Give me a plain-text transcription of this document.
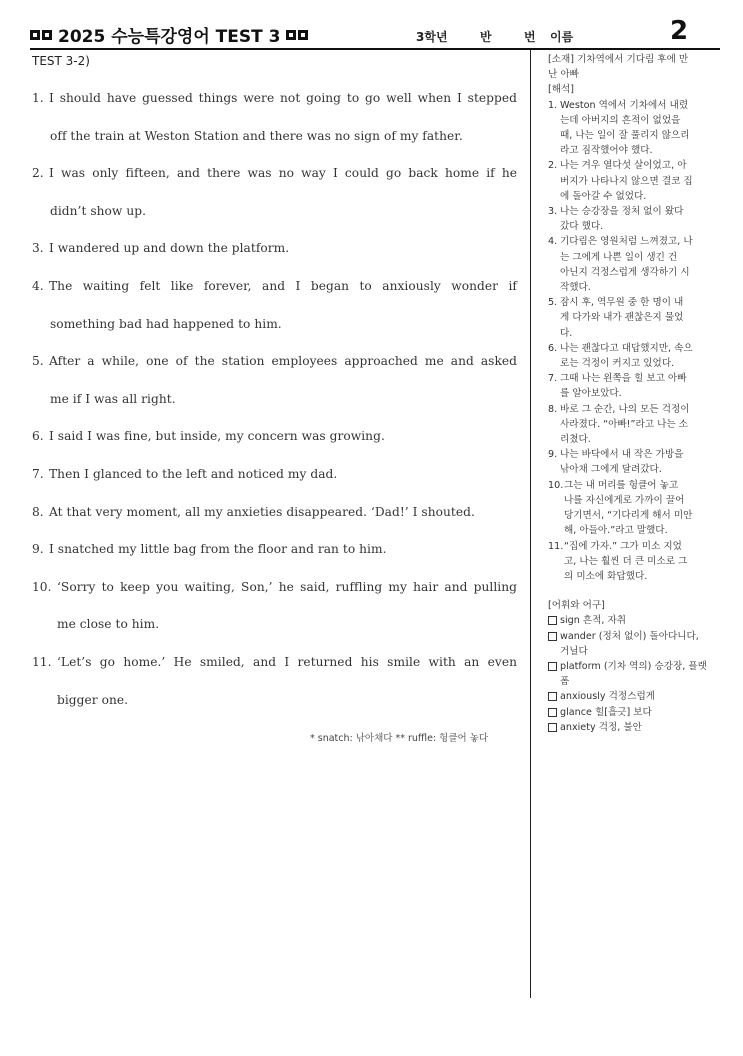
2025 수능특강영어 TEST 3	3학년	반	번 이름	2
TEST 3-2)
1. I should have guessed things were not going to go well when I stepped
off the train at Weston Station and there was no sign of my father.
2. I was only fifteen, and there was no way I could go back home if he
didn’t show up.
3. I wandered up and down the platform.
4. The waiting felt like forever, and I began to anxiously wonder if
something bad had happened to him.
5. After a while, one of the station employees approached me and asked
me if I was all right.
6. I said I was fine, but inside, my concern was growing.
7. Then I glanced to the left and noticed my dad.
8. At that very moment, all my anxieties disappeared. ‘Dad!’ I shouted.
9. I snatched my little bag from the floor and ran to him.
10. ‘Sorry to keep you waiting, Son,’ he said, ruffling my hair and pulling
me close to him.
11. ‘Let’s go home.’ He smiled, and I returned his smile with an even
bigger one.
* snatch: 낚아채다 ** ruffle: 헝클어 놓다
[소재] 기차역에서 기다림 후에 만
난 아빠
[해석]
1. Weston 역에서 기차에서 내렸
는데 아버지의 흔적이 없었을
때, 나는 일이 잘 풀리지 않으리
라고 짐작했어야 했다.
2. 나는 겨우 열다섯 살이었고, 아
버지가 나타나지 않으면 결코 집
에 돌아갈 수 없었다.
3. 나는 승강장을 정처 없이 왔다
갔다 했다.
4. 기다림은 영원처럼 느껴졌고, 나
는 그에게 나쁜 일이 생긴 건
아닌지 걱정스럽게 생각하기 시
작했다.
5. 잠시 후, 역무원 중 한 명이 내
게 다가와 내가 괜찮은지 물었
다.
6. 나는 괜찮다고 대답했지만, 속으
로는 걱정이 커지고 있었다.
7. 그때 나는 왼쪽을 힐 보고 아빠
를 알아보았다.
8. 바로 그 순간, 나의 모든 걱정이
사라졌다. “아빠!”라고 나는 소
리쳤다.
9. 나는 바닥에서 내 작은 가방을
낚아채 그에게 달려갔다.
10. 그는 내 머리를 헝클어 놓고
나를 자신에게로 가까이 끌어
당기면서, “기다리게 해서 미안
해, 아들아.”라고 말했다.
11. “집에 가자.” 그가 미소 지었
고, 나는 훨씬 더 큰 미소로 그
의 미소에 화답했다.
[어휘와 어구]
sign 흔적, 자취
wander (정처 없이) 돌아다니다,
거닐다
platform (기차 역의) 승강장, 플랫
폼
anxiously 걱정스럽게
glance 힐[흘긋] 보다
anxiety 걱정, 불안
